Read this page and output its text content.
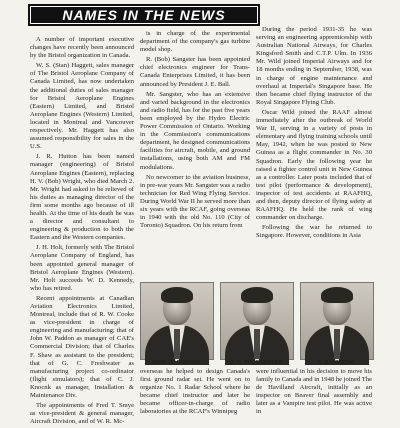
NAMES IN THE NEWS

A number of important executive changes have recently been announced by the Bristol organization in Canada.

W. S. (Stan) Haggett, sales manager of The Bristol Aeroplane Company of Canada Limited, has now undertaken the additional duties of sales manager for Bristol Aeroplane Engines (Eastern) Limited, and Bristol Aeroplane Engines (Western) Limited, located in Montreal and Vancouver respectively. Mr. Haggett has also assumed responsibility for sales in the U.S.

J. R. Hutton has been named manager (engineering) of Bristol Aeroplane Engines (Eastern), replacing H. V. (Bob) Wright, who died March 2. Mr. Wright had asked to be relieved of his duties as managing director of the firm some months ago because of ill health. At the time of his death he was a director and consultant to engineering & production to both the Eastern and the Western companies.

J. H. Holt, formerly with The Bristol Aeroplane Company of England, has been appointed general manager of Bristol Aeroplane Engines (Western). Mr. Holt succeeds W. D. Kennedy, who has retired.

Recent appointments at Canadian Aviation Electronics Limited, Montreal, include that of R. W. Cooke as vice-president in charge of engineering and manufacturing; that of John W. Paddon as manager of CAE's Commercial Division; that of Charles F. Shaw as assistant to the president; that of G. C. Freshwater as manufacturing project co-ordinator (flight simulators); that of C. J. Knocnk as manager, Installation & Maintenance Div.

The appointments of Fred T. Smye as vice-president & general manager, Aircraft Division, and of W. R. Mc-

is in charge of the experimental department of the company's gas turbine model shop.

R. (Bob) Sangster has been appointed chief electronics engineer for Trans-Canada Enterprises Limited, it has been announced by President J. E. Ball.

Mr. Sangster, who has an extensive and varied background in the electronics and radio field, has for the past five years been employed by the Hydro Electric Power Commission of Ontario. Working in the Commission's communications department, he designed communications facilities for aircraft, mobile, and ground installations, using both AM and FM modulations.

No newcomer to the aviation business, in pre-war years Mr. Sangster was a radio technician for Red Wing Flying Service. During World War II he served more than six years with the RCAF, going overseas in 1940 with the old No. 110 (City of Toronto) Squadron. On his return from

During the period 1931-35 he was serving an engineering apprenticeship with Australian National Airways, for Charles Kingsford Smith and C.T.P. Ulm. In 1936 Mr. Wild joined Imperial Airways and for 18 months ending in September, 1938, was in charge of engine maintenance and overhaul at Imperial's Singapore base. He then became chief flying instructor of the Royal Singapore Flying Club.

Oscar Wild joined the RAAF almost immediately after the outbreak of World War II, serving in a variety of posts in elementary and flying training schools until May, 1942, when he was posted to New Guinea as a flight commander in No. 30 Squadron. Early the following year he raised a fighter control unit in New Guinea as a controller. Later posts included that of test pilot (performance & development), inspector of test accidents at RAAFHQ, and then, deputy director of flying safety at RAAFHQ. He held the rank of wing commander on discharge.

Following the war he returned to Singapore. However, conditions in Asia

JOHN W. PADDON	G. C. FRESHWATER	C. J. KONCHE

overseas he helped to design Canada's first ground radar set. He went on to organize No. 1 Radar School where he became chief instructor and later he became officer-in-charge of radio laboratories at the RCAF's Winnipeg

were influential in his decision to move his family to Canada and in 1948 he joined The de Havilland Aircraft, initially as an inspector on Beaver final assembly and later as a Vampire test pilot. He was active in
